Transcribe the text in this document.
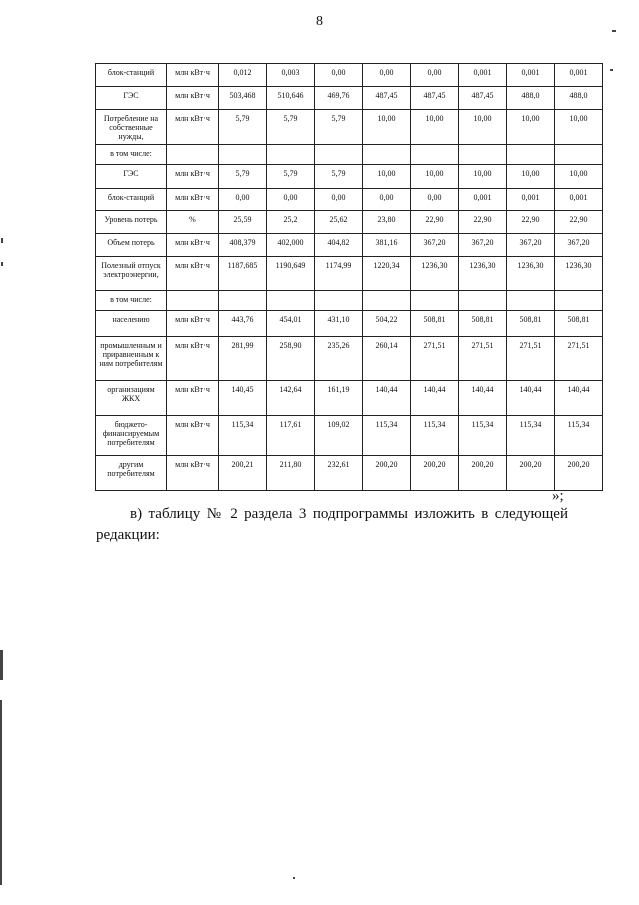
8
блок-станций	млн кВт·ч	0,012	0,003	0,00	0,00	0,00	0,001	0,001	0,001
ГЭС	млн кВт·ч	503,468	510,646	469,76	487,45	487,45	487,45	488,0	488,0
Потребление на собственные нужды,	млн кВт·ч	5,79	5,79	5,79	10,00	10,00	10,00	10,00	10,00
в том числе:									
ГЭС	млн кВт·ч	5,79	5,79	5,79	10,00	10,00	10,00	10,00	10,00
блок-станций	млн кВт·ч	0,00	0,00	0,00	0,00	0,00	0,001	0,001	0,001
Уровень потерь	%	25,59	25,2	25,62	23,80	22,90	22,90	22,90	22,90
Объем потерь	млн кВт·ч	408,379	402,000	404,82	381,16	367,20	367,20	367,20	367,20
Полезный отпуск электроэнергии,	млн кВт·ч	1187,685	1190,649	1174,99	1220,34	1236,30	1236,30	1236,30	1236,30
в том числе:									
населению	млн кВт·ч	443,76	454,01	431,10	504,22	508,81	508,81	508,81	508,81
промышленным и приравненным к ним потребителям	млн кВт·ч	281,99	258,90	235,26	260,14	271,51	271,51	271,51	271,51
организациям ЖКХ	млн кВт·ч	140,45	142,64	161,19	140,44	140,44	140,44	140,44	140,44
бюджето-финансируемым потребителям	млн кВт·ч	115,34	117,61	109,02	115,34	115,34	115,34	115,34	115,34
другим потребителям	млн кВт·ч	200,21	211,80	232,61	200,20	200,20	200,20	200,20	200,20
»;
в) таблицу № 2 раздела 3 подпрограммы изложить в следующей редакции:
